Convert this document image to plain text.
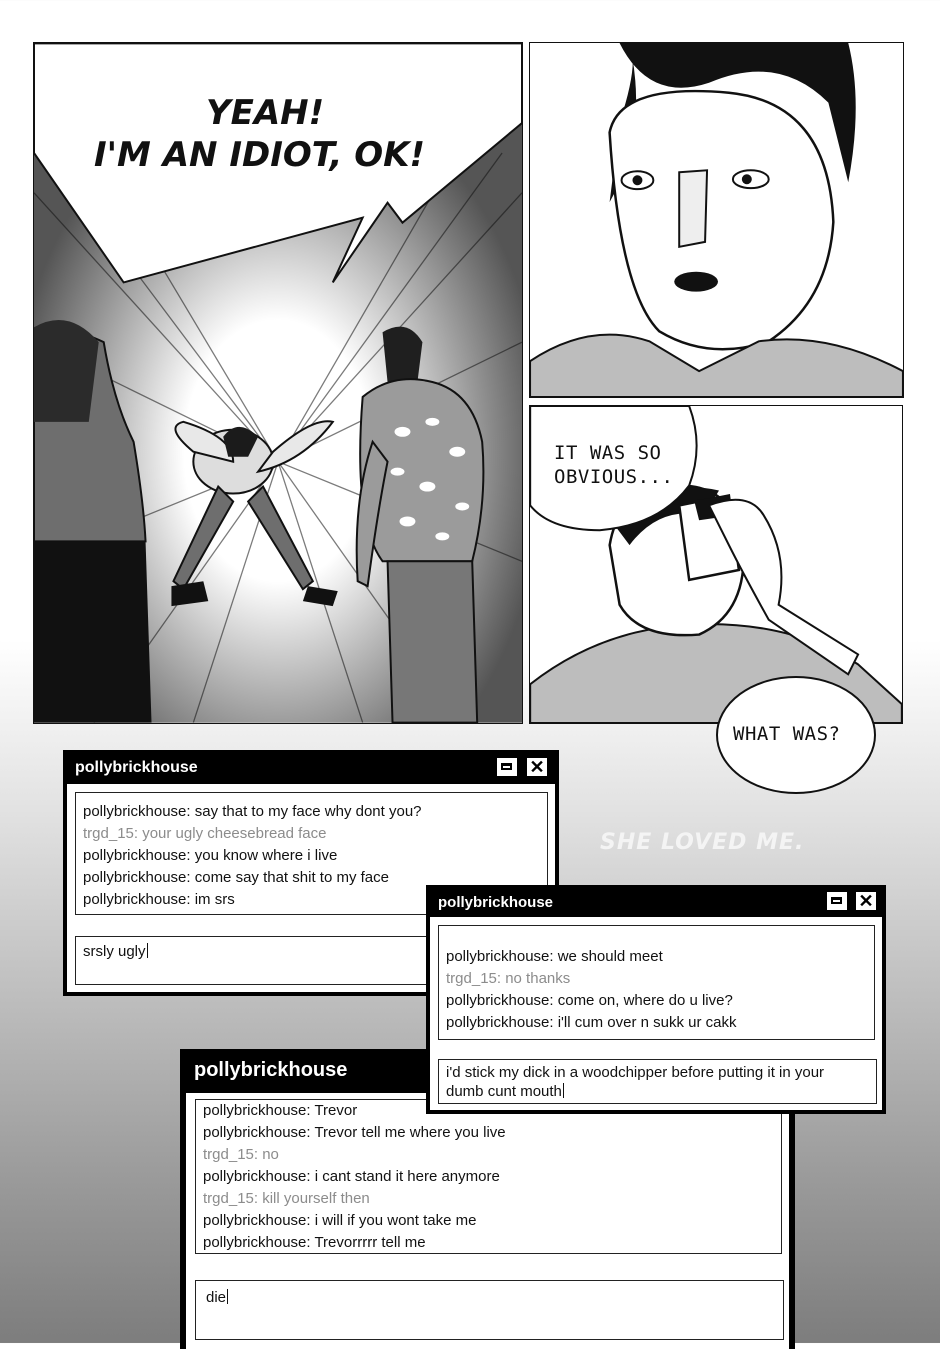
YEAH!
I'M AN IDIOT, OK!
IT WAS SO
OBVIOUS...
WHAT WAS?
SHE LOVED ME.
pollybrickhouse	✕
pollybrickhouse: say that to my face why dont you?
trgd_15: your ugly cheesebread face
pollybrickhouse: you know where i live
pollybrickhouse: come say that shit to my face
pollybrickhouse: im srs
srsly ugly
pollybrickhouse
pollybrickhouse: Trevor
pollybrickhouse: Trevor tell me where you live
trgd_15: no
pollybrickhouse: i cant stand it here anymore
trgd_15: kill yourself then
pollybrickhouse: i will if you wont take me
pollybrickhouse: Trevorrrrr tell me
die
pollybrickhouse	✕
pollybrickhouse: we should meet
trgd_15: no thanks
pollybrickhouse: come on, where do u live?
pollybrickhouse: i'll cum over n sukk ur cakk
i'd stick my dick in a woodchipper before putting it in your
dumb cunt mouth
